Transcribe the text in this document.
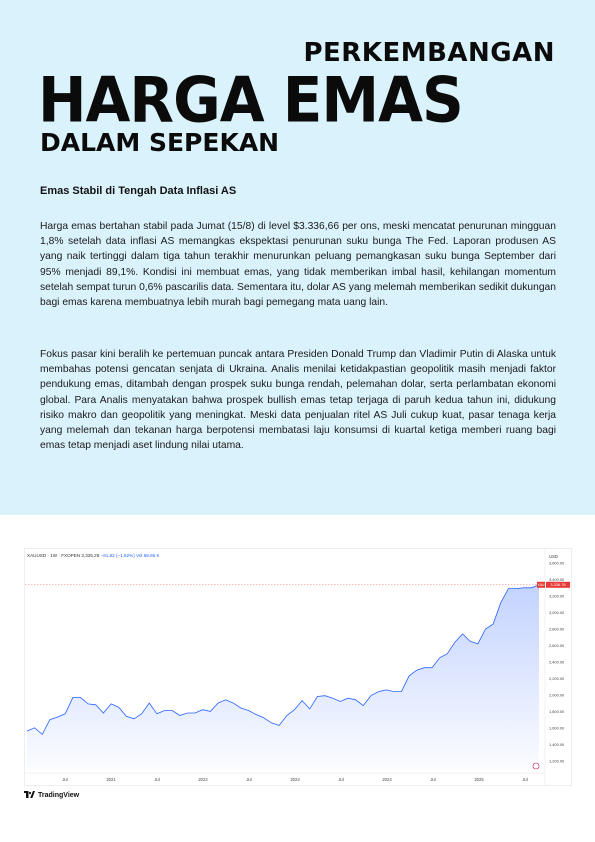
PERKEMBANGAN
HARGA EMAS
DALAM SEPEKAN
Emas Stabil di Tengah Data Inflasi AS
Harga emas bertahan stabil pada Jumat (15/8) di level $3.336,66 per ons, meski mencatat penurunan mingguan 1,8% setelah data inflasi AS memangkas ekspektasi penurunan suku bunga The Fed. Laporan produsen AS yang naik tertinggi dalam tiga tahun terakhir menurunkan peluang pemangkasan suku bunga September dari 95% menjadi 89,1%. Kondisi ini membuat emas, yang tidak memberikan imbal hasil, kehilangan momentum setelah sempat turun 0,6% pascarilis data. Sementara itu, dolar AS yang melemah memberikan sedikit dukungan bagi emas karena membuatnya lebih murah bagi pemegang mata uang lain.
Fokus pasar kini beralih ke pertemuan puncak antara Presiden Donald Trump dan Vladimir Putin di Alaska untuk membahas potensi gencatan senjata di Ukraina. Analis menilai ketidakpastian geopolitik masih menjadi faktor pendukung emas, ditambah dengan prospek suku bunga rendah, pelemahan dolar, serta perlambatan ekonomi global. Para Analis menyatakan bahwa prospek bullish emas tetap terjaga di paruh kedua tahun ini, didukung risiko makro dan geopolitik yang meningkat. Meski data penjualan ritel AS Juli cukup kuat, pasar tenaga kerja yang melemah dan tekanan harga berpotensi membatasi laju konsumsi di kuartal ketiga memberi ruang bagi emas tetap menjadi aset lindung nilai utama.
USD
1,200.00
1,400.00
1,600.00
1,800.00
2,000.00
2,200.00
2,400.00
2,600.00
2,800.00
3,000.00
3,200.00
3,400.00
3,600.00
Jul	2021	Jul	2022	Jul	2023	Jul	2024	Jul	2025	Jul
XAU 3,336.76
XAUUSD · 1W · FXOPEN 3,335.28 −61.82 (−1.82%) Vol 68.66 K
TradingView
